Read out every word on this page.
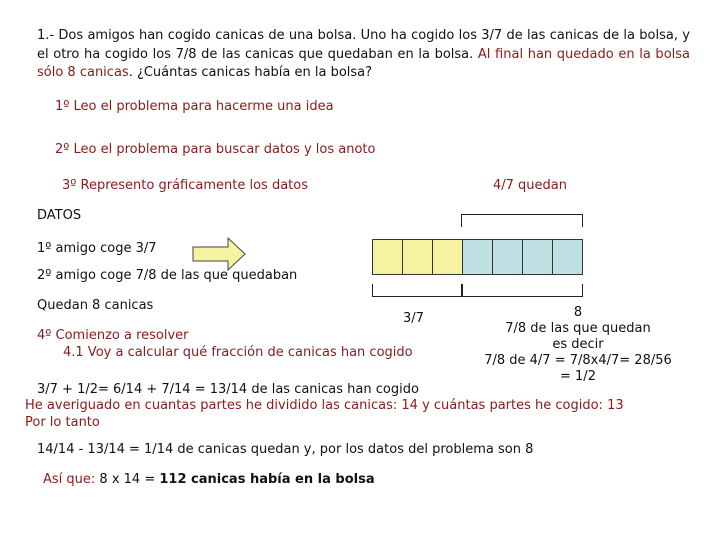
1.- Dos amigos han cogido canicas de una bolsa. Uno ha cogido los 3/7 de las canicas de la bolsa, y el otro ha cogido los 7/8 de las canicas que quedaban en la bolsa. Al final han quedado en la bolsa sólo 8 canicas. ¿Cuántas canicas había en la bolsa?
1º Leo el problema para hacerme una idea
2º Leo el problema para buscar datos y los anoto
3º Represento gráficamente los datos	4/7 quedan
DATOS
1º amigo coge 3/7
2º amigo coge 7/8 de las que quedaban
Quedan 8 canicas
3/7	8
7/8 de las que quedan
es decir
7/8 de 4/7 = 7/8x4/7= 28/56
= 1/2
4º Comienzo a resolver
4.1 Voy a calcular qué fracción de canicas han cogido
3/7 + 1/2= 6/14 + 7/14 = 13/14 de las canicas han cogido
He averiguado en cuantas partes he dividido las canicas: 14 y cuántas partes he cogido: 13
Por lo tanto
14/14 - 13/14 = 1/14 de canicas quedan y, por los datos del problema son 8
Así que: 8 x 14 = 112 canicas había en la bolsa
